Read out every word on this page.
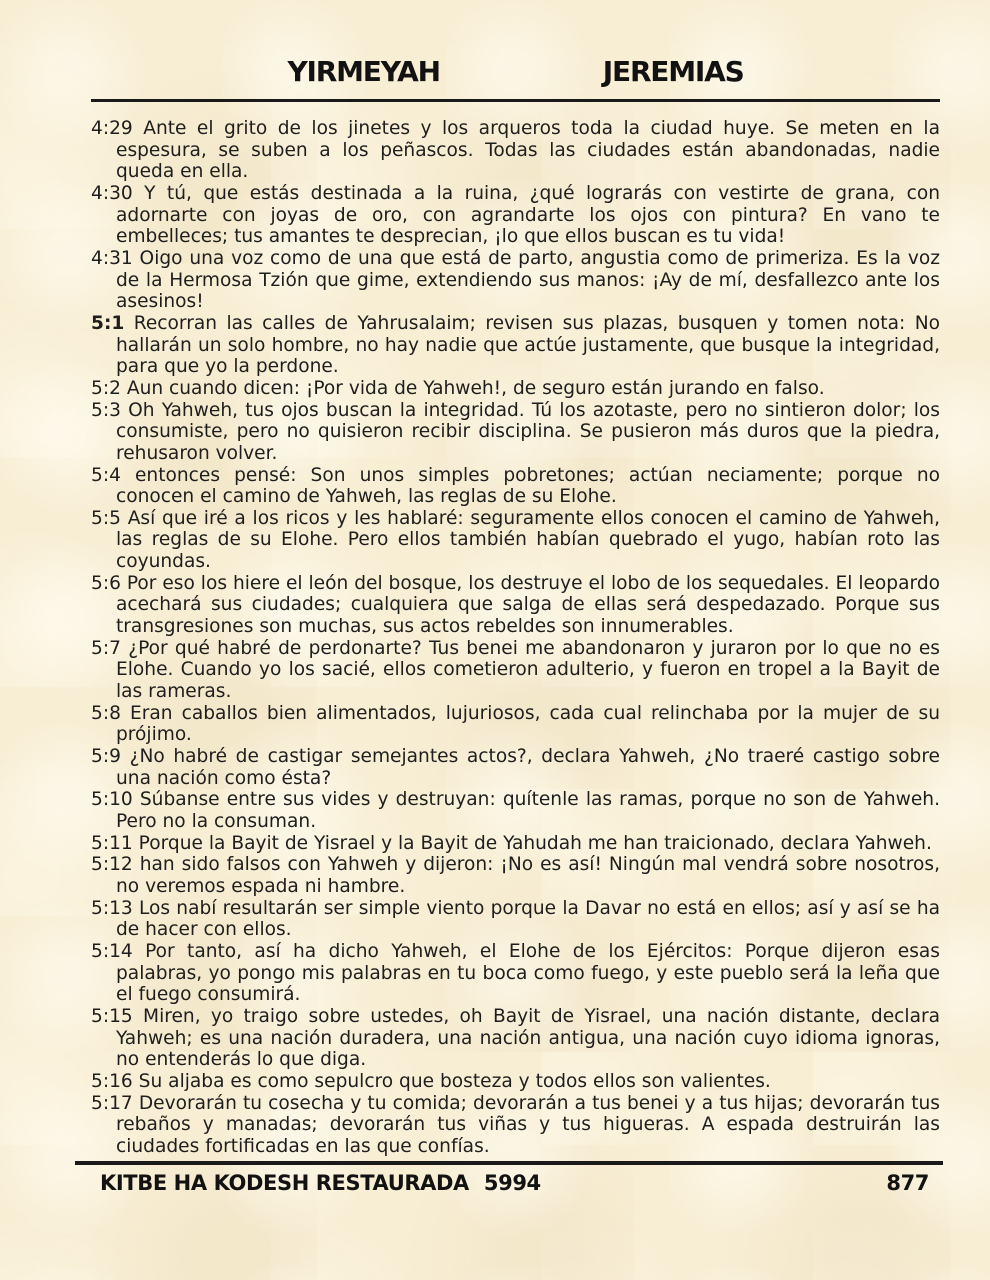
YIRMEYAH	JEREMIAS

4:29 Ante el grito de los jinetes y los arqueros toda la ciudad huye. Se meten en la espesura, se suben a los peñascos. Todas las ciudades están abandonadas, nadie queda en ella.

4:30 Y tú, que estás destinada a la ruina, ¿qué lograrás con vestirte de grana, con adornarte con joyas de oro, con agrandarte los ojos con pintura? En vano te embelleces; tus amantes te desprecian, ¡lo que ellos buscan es tu vida!

4:31 Oigo una voz como de una que está de parto, angustia como de primeriza. Es la voz de la Hermosa Tzión que gime, extendiendo sus manos: ¡Ay de mí, desfallezco ante los asesinos!

5:1 Recorran las calles de Yahrusalaim; revisen sus plazas, busquen y tomen nota: No hallarán un solo hombre, no hay nadie que actúe justamente, que busque la integridad, para que yo la perdone.

5:2 Aun cuando dicen: ¡Por vida de Yahweh!, de seguro están jurando en falso.

5:3 Oh Yahweh, tus ojos buscan la integridad. Tú los azotaste, pero no sintieron dolor; los consumiste, pero no quisieron recibir disciplina. Se pusieron más duros que la piedra, rehusaron volver.

5:4 entonces pensé: Son unos simples pobretones; actúan neciamente; porque no conocen el camino de Yahweh, las reglas de su Elohe.

5:5 Así que iré a los ricos y les hablaré: seguramente ellos conocen el camino de Yahweh, las reglas de su Elohe. Pero ellos también habían quebrado el yugo, habían roto las coyundas.

5:6 Por eso los hiere el león del bosque, los destruye el lobo de los sequedales. El leopardo acechará sus ciudades; cualquiera que salga de ellas será despedazado. Porque sus transgresiones son muchas, sus actos rebeldes son innumerables.

5:7 ¿Por qué habré de perdonarte? Tus benei me abandonaron y juraron por lo que no es Elohe. Cuando yo los sacié, ellos cometieron adulterio, y fueron en tropel a la Bayit de las rameras.

5:8 Eran caballos bien alimentados, lujuriosos, cada cual relinchaba por la mujer de su prójimo.

5:9 ¿No habré de castigar semejantes actos?, declara Yahweh, ¿No traeré castigo sobre una nación como ésta?

5:10 Súbanse entre sus vides y destruyan: quítenle las ramas, porque no son de Yahweh. Pero no la consuman.

5:11 Porque la Bayit de Yisrael y la Bayit de Yahudah me han traicionado, declara Yahweh.

5:12 han sido falsos con Yahweh y dijeron: ¡No es así! Ningún mal vendrá sobre nosotros, no veremos espada ni hambre.

5:13 Los nabí resultarán ser simple viento porque la Davar no está en ellos; así y así se ha de hacer con ellos.

5:14 Por tanto, así ha dicho Yahweh, el Elohe de los Ejércitos: Porque dijeron esas palabras, yo pongo mis palabras en tu boca como fuego, y este pueblo será la leña que el fuego consumirá.

5:15 Miren, yo traigo sobre ustedes, oh Bayit de Yisrael, una nación distante, declara Yahweh; es una nación duradera, una nación antigua, una nación cuyo idioma ignoras, no entenderás lo que diga.

5:16 Su aljaba es como sepulcro que bosteza y todos ellos son valientes.

5:17 Devorarán tu cosecha y tu comida; devorarán a tus benei y a tus hijas; devorarán tus rebaños y manadas; devorarán tus viñas y tus higueras. A espada destruirán las ciudades fortificadas en las que confías.

KITBE HA KODESH RESTAURADA 5994	877
